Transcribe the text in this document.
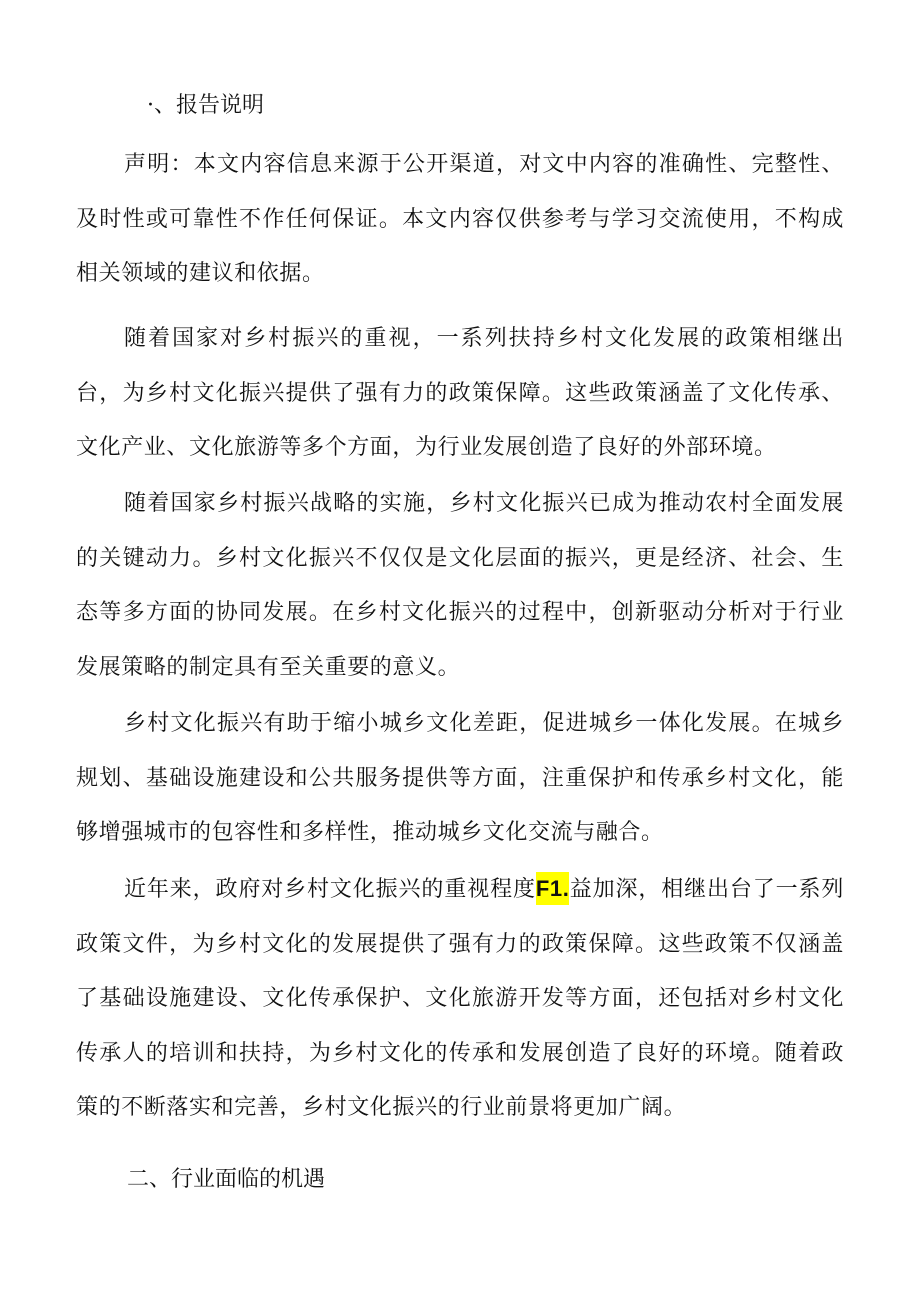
·、报告说明

声明：本文内容信息来源于公开渠道，对文中内容的准确性、完整性、及时性或可靠性不作任何保证。本文内容仅供参考与学习交流使用，不构成相关领域的建议和依据。

随着国家对乡村振兴的重视，一系列扶持乡村文化发展的政策相继出台，为乡村文化振兴提供了强有力的政策保障。这些政策涵盖了文化传承、文化产业、文化旅游等多个方面，为行业发展创造了良好的外部环境。

随着国家乡村振兴战略的实施，乡村文化振兴已成为推动农村全面发展的关键动力。乡村文化振兴不仅仅是文化层面的振兴，更是经济、社会、生态等多方面的协同发展。在乡村文化振兴的过程中，创新驱动分析对于行业发展策略的制定具有至关重要的意义。

乡村文化振兴有助于缩小城乡文化差距，促进城乡一体化发展。在城乡规划、基础设施建设和公共服务提供等方面，注重保护和传承乡村文化，能够增强城市的包容性和多样性，推动城乡文化交流与融合。

近年来，政府对乡村文化振兴的重视程度F1.益加深，相继出台了一系列政策文件，为乡村文化的发展提供了强有力的政策保障。这些政策不仅涵盖了基础设施建设、文化传承保护、文化旅游开发等方面，还包括对乡村文化传承人的培训和扶持，为乡村文化的传承和发展创造了良好的环境。随着政策的不断落实和完善，乡村文化振兴的行业前景将更加广阔。

二、行业面临的机遇
